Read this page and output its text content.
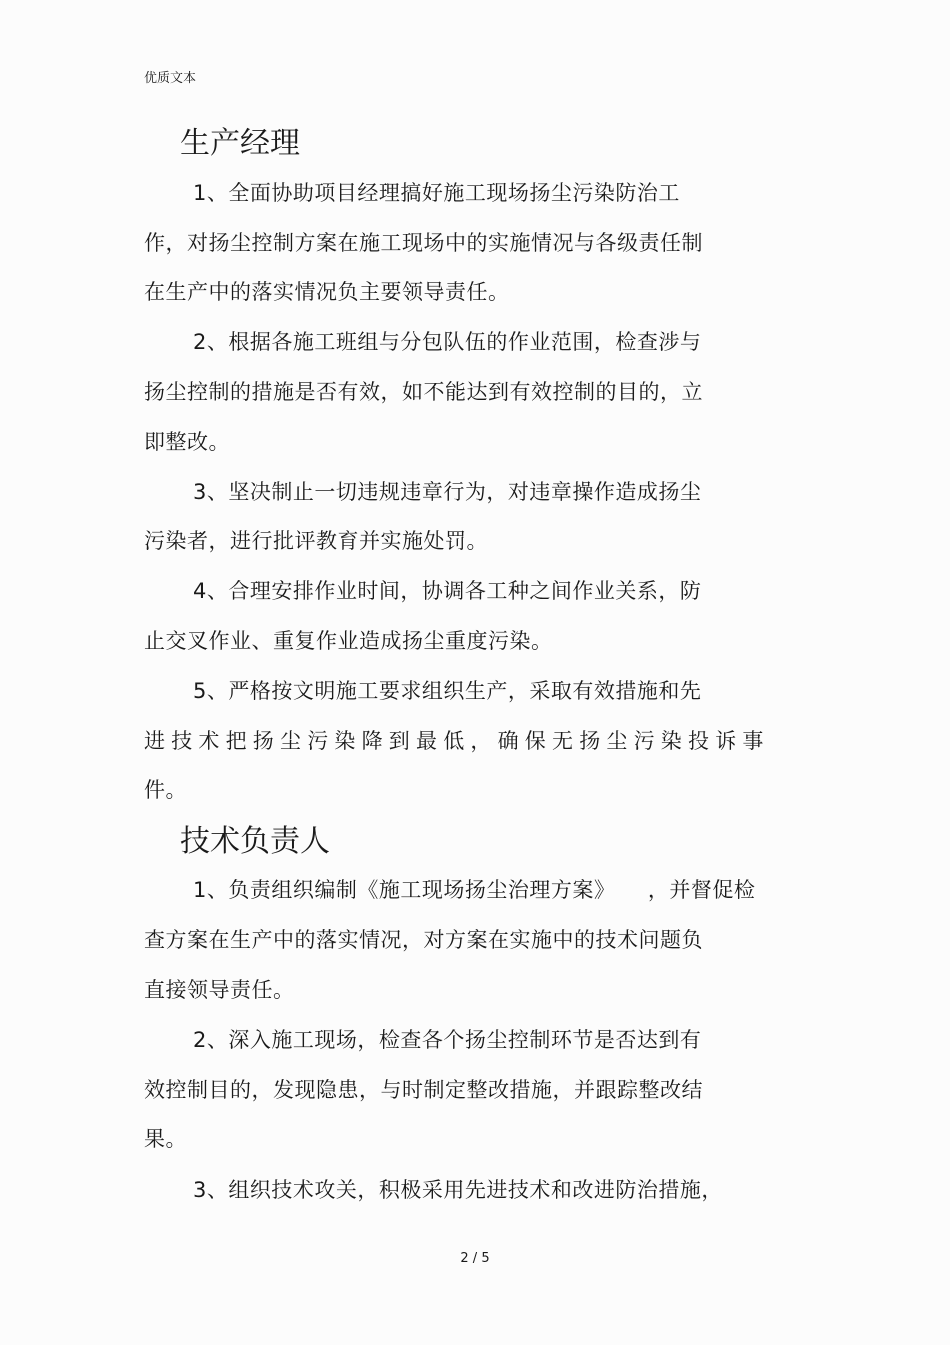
优质文本
生产经理
1、全面协助项目经理搞好施工现场扬尘污染防治工
作，对扬尘控制方案在施工现场中的实施情况与各级责任制
在生产中的落实情况负主要领导责任。
2、根据各施工班组与分包队伍的作业范围，检查涉与
扬尘控制的措施是否有效，如不能达到有效控制的目的，立
即整改。
3、坚决制止一切违规违章行为，对违章操作造成扬尘
污染者，进行批评教育并实施处罚。
4、合理安排作业时间，协调各工种之间作业关系，防
止交叉作业、重复作业造成扬尘重度污染。
5、严格按文明施工要求组织生产，采取有效措施和先
进技术把扬尘污染降到最低，确保无扬尘污染投诉事
件。
技术负责人
1、负责组织编制《施工现场扬尘治理方案》　　，并督促检
查方案在生产中的落实情况，对方案在实施中的技术问题负
直接领导责任。
2、深入施工现场，检查各个扬尘控制环节是否达到有
效控制目的，发现隐患，与时制定整改措施，并跟踪整改结
果。
3、组织技术攻关，积极采用先进技术和改进防治措施，
2 / 5
